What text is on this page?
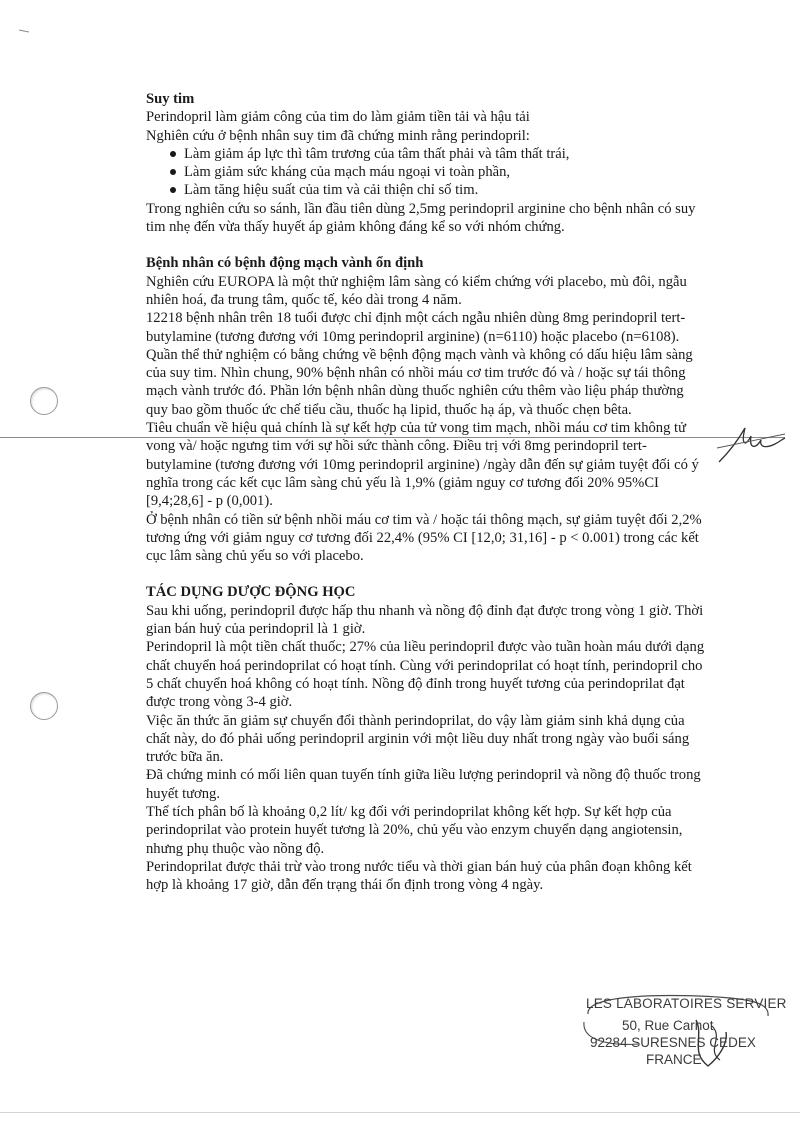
Suy tim

Perindopril làm giảm công của tim do làm giảm tiền tải và hậu tải

Nghiên cứu ở bệnh nhân suy tim đã chứng minh rằng perindopril:

Làm giảm áp lực thì tâm trương của tâm thất phải và tâm thất trái,
Làm giảm sức kháng của mạch máu ngoại vi toàn phần,
Làm tăng hiệu suất của tim và cải thiện chỉ số tim.

Trong nghiên cứu so sánh, lần đầu tiên dùng 2,5mg perindopril arginine cho bệnh nhân có suy tim nhẹ đến vừa thấy huyết áp giảm không đáng kể so với nhóm chứng.

Bệnh nhân có bệnh động mạch vành ổn định

Nghiên cứu EUROPA là một thử nghiệm lâm sàng có kiểm chứng với placebo, mù đôi, ngẫu nhiên hoá, đa trung tâm, quốc tế, kéo dài trong 4 năm.

12218 bệnh nhân trên 18 tuổi được chỉ định một cách ngẫu nhiên dùng 8mg perindopril tert-butylamine (tương đương với 10mg perindopril arginine) (n=6110) hoặc placebo (n=6108).

Quần thể thử nghiệm có bằng chứng về bệnh động mạch vành và không có dấu hiệu lâm sàng của suy tim. Nhìn chung, 90% bệnh nhân có nhồi máu cơ tim trước đó và / hoặc sự tái thông mạch vành trước đó. Phần lớn bệnh nhân dùng thuốc nghiên cứu thêm vào liệu pháp thường quy bao gồm thuốc ức chế tiểu cầu, thuốc hạ lipid, thuốc hạ áp, và thuốc chẹn bêta.

Tiêu chuẩn về hiệu quả chính là sự kết hợp của tử vong tim mạch, nhồi máu cơ tim không tử vong và/ hoặc ngưng tim với sự hồi sức thành công. Điều trị với 8mg perindopril tert-butylamine (tương đương với 10mg perindopril arginine) /ngày dẫn đến sự giảm tuyệt đối có ý nghĩa trong các kết cục lâm sàng chủ yếu là 1,9% (giảm nguy cơ tương đối 20% 95%CI [9,4;28,6] - p (0,001).

Ở bệnh nhân có tiền sử bệnh nhồi máu cơ tim và / hoặc tái thông mạch, sự giảm tuyệt đối 2,2% tương ứng với giảm nguy cơ tương đối 22,4% (95% CI [12,0; 31,16] - p < 0.001) trong các kết cục lâm sàng chủ yếu so với placebo.

TÁC DỤNG DƯỢC ĐỘNG HỌC

Sau khi uống, perindopril được hấp thu nhanh và nồng độ đỉnh đạt được trong vòng 1 giờ. Thời gian bán huỷ của perindopril là 1 giờ.

Perindopril là một tiền chất thuốc; 27% của liều perindopril được vào tuần hoàn máu dưới dạng chất chuyển hoá perindoprilat có hoạt tính. Cùng với perindoprilat có hoạt tính, perindopril cho 5 chất chuyển hoá không có hoạt tính. Nồng độ đỉnh trong huyết tương của perindoprilat đạt được trong vòng 3-4 giờ.

Việc ăn thức ăn giảm sự chuyển đổi thành perindoprilat, do vậy làm giảm sinh khả dụng của chất này, do đó phải uống perindopril arginin với một liều duy nhất trong ngày vào buổi sáng trước bữa ăn.

Đã chứng minh có mối liên quan tuyến tính giữa liều lượng perindopril và nồng độ thuốc trong huyết tương.

Thể tích phân bố là khoảng 0,2 lít/ kg đối với perindoprilat không kết hợp. Sự kết hợp của perindoprilat vào protein huyết tương là 20%, chủ yếu vào enzym chuyển dạng angiotensin, nhưng phụ thuộc vào nồng độ.

Perindoprilat được thải trừ vào trong nước tiểu và thời gian bán huỷ của phân đoạn không kết hợp là khoảng 17 giờ, dẫn đến trạng thái ổn định trong vòng 4 ngày.

LES LABORATOIRES SERVIER
50, Rue Carnot
92284 SURESNES CEDEX
FRANCE
